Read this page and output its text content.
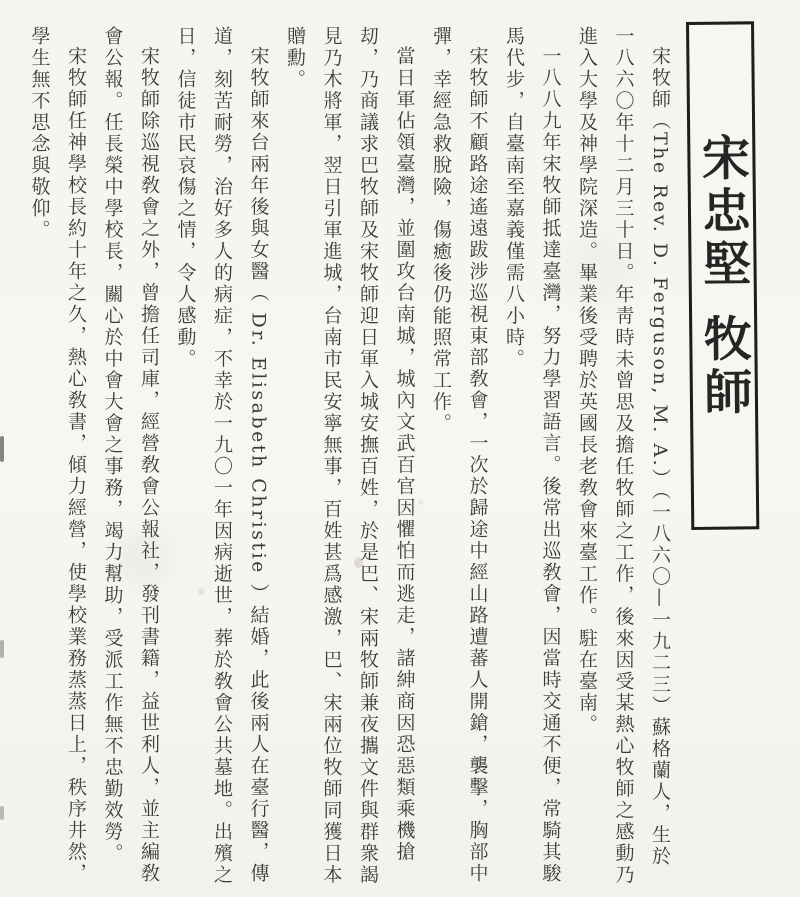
宋忠堅牧師

宋牧師（The Rev. D. Ferguson, M. A.）（一八六〇—一九二三）蘇格蘭人，生於一八六〇年十二月三十日。年靑時未曾思及擔任牧師之工作，後來因受某熱心牧師之感動乃進入大學及神學院深造。畢業後受聘於英國長老敎會來臺工作。駐在臺南。

一八八九年宋牧師抵達臺灣，努力學習語言。後常出巡敎會，因當時交通不便，常騎其駿馬代步，自臺南至嘉義僅需八小時。

宋牧師不顧路途遙遠跋涉巡視東部敎會，一次於歸途中經山路遭蕃人開鎗，襲擊，胸部中彈，幸經急救脫險，傷癒後仍能照常工作。

當日軍佔領臺灣，並圍攻台南城，城內文武百官因懼怕而逃走，諸紳商因恐惡類乘機搶刧，乃商議求巴牧師及宋牧師迎日軍入城安撫百姓，於是巴、宋兩牧師兼夜攜文件與群衆謁見乃木將軍，翌日引軍進城，台南市民安寧無事，百姓甚爲感激，巴、宋兩位牧師同獲日本贈勳。

宋牧師來台兩年後與女醫（ Dr. Elisabeth Christie ）結婚，此後兩人在臺行醫，傳道，刻苦耐勞，治好多人的病症，不幸於一九〇一年因病逝世，葬於敎會公共墓地。出殯之日，信徒市民哀傷之情，令人感動。

宋牧師除巡視敎會之外，曾擔任司庫，經營敎會公報社，發刊書籍，益世利人，並主編敎會公報。任長榮中學校長，關心於中會大會之事務，竭力幫助，受派工作無不忠勤效勞。

宋牧師任神學校長約十年之久，熱心敎書，傾力經營，使學校業務蒸蒸日上，秩序井然，學生無不思念與敬仰。
